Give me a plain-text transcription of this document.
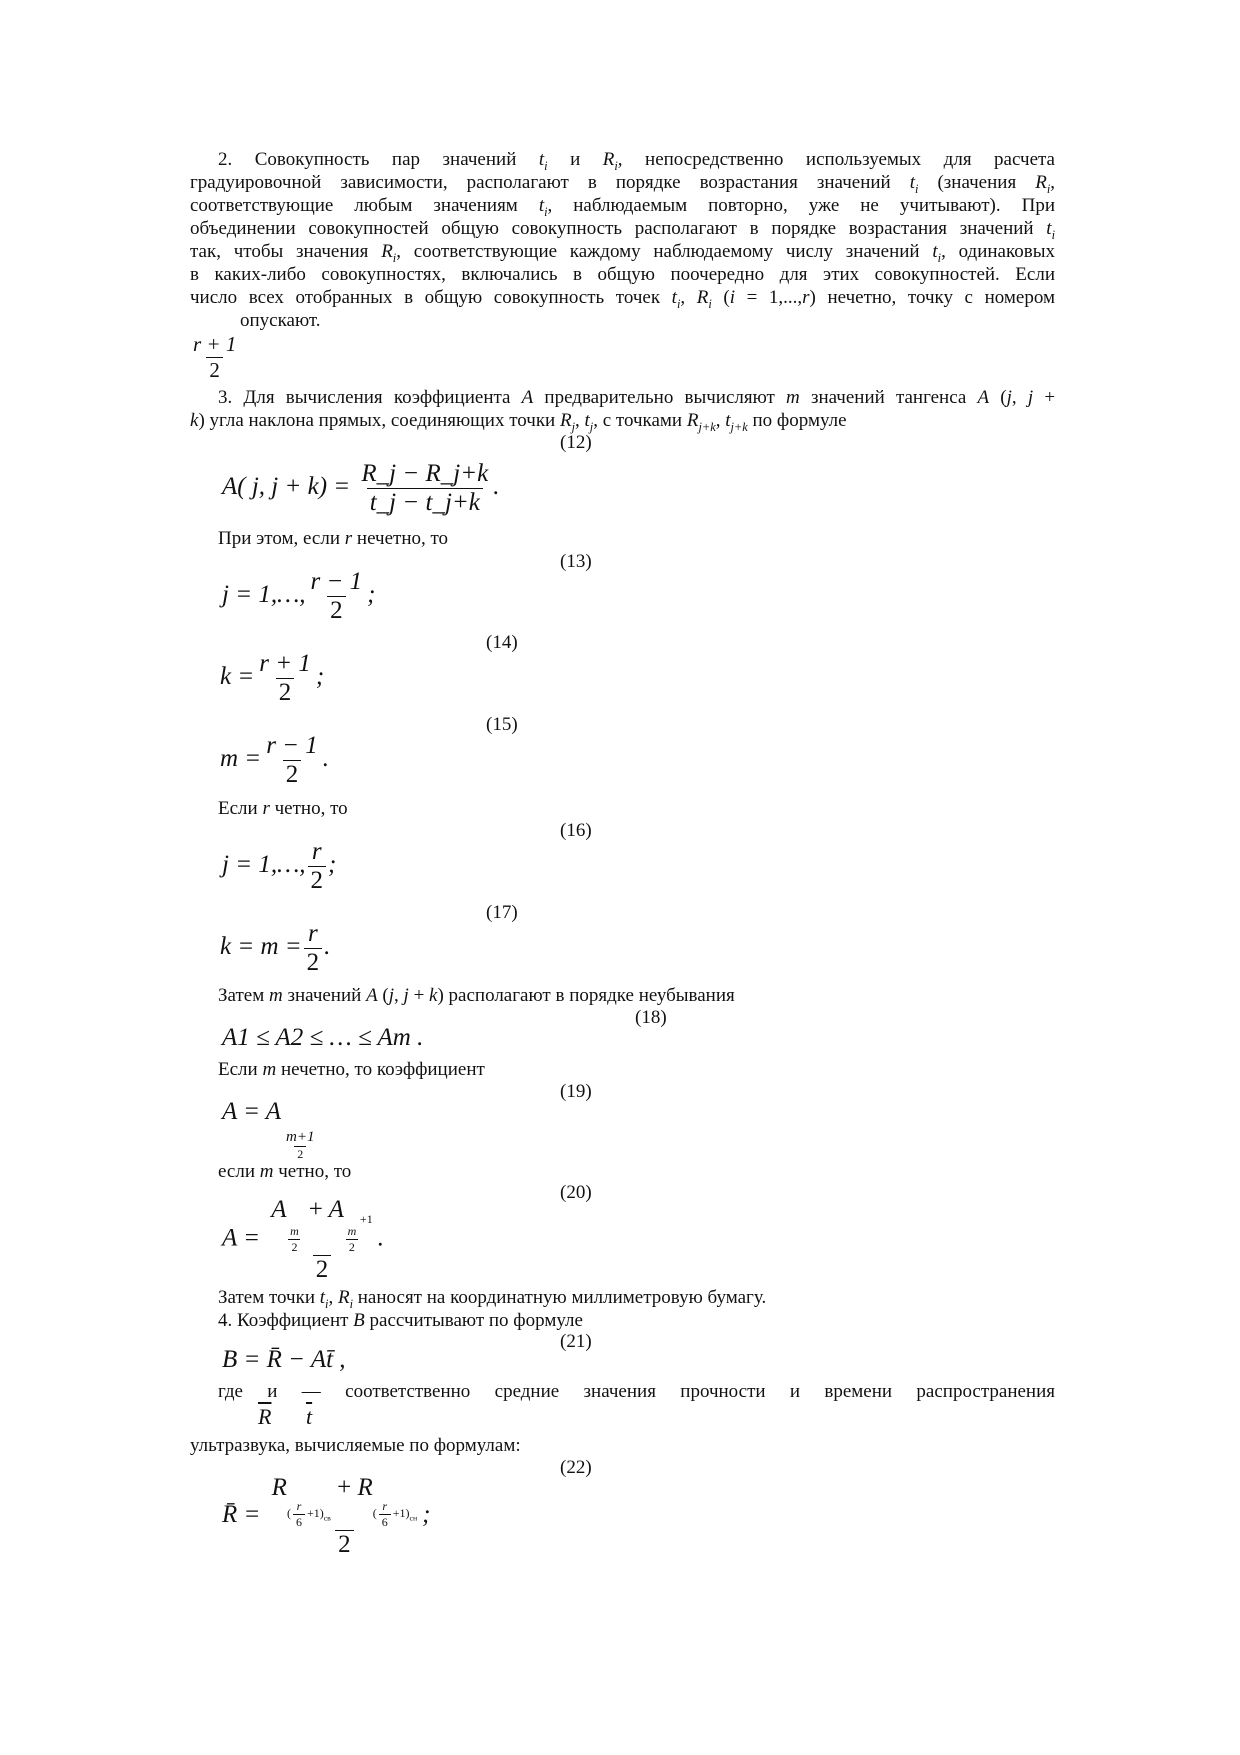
2. Совокупность пар значений $t_i$ и $R_i$, непосредственно используемых для расчета
градуировочной зависимости, располагают в порядке возрастания значений $t_i$ (значения $R_i$,
соответствующие любым значениям $t_i$, наблюдаемым повторно, уже не учитывают). При
объединении совокупностей общую совокупность располагают в порядке возрастания значений $t_i$
так, чтобы значения $R_i$, соответствующие каждому наблюдаемому числу значений $t_i$, одинаковых
в каких-либо совокупностях, включались в общую поочередно для этих совокупностей. Если
число всех отобранных в общую совокупность точек $t_i$, $R_i$ (i = 1,...,r) нечетно, точку с номером
опускают.
$\frac{r + 1}{2}$
3. Для вычисления коэффициента A предварительно вычисляют m значений тангенса A (j, j +
k) угла наклона прямых, соединяющих точки $R_j$, $t_j$, с точками $R_{j+k}$, $t_{j+k}$ по формуле
(12)
A( j, $j + k) = \frac{R\_j - R\_j+k}{t\_j - t\_j+k}$ .
При этом, если r нечетно, то
(13)
j = 1,…, $\frac{r - 1}{2}$ ;
(14)
$k = \frac{r + 1}{2}$ ;
(15)
$m = \frac{r - 1}{2}$ .
Если r четно, то
(16)
j = 1,…, $\frac{r}{2}$ ;
(17)
$k = m = \frac{r}{2}$ .
Затем m значений A (j, j + k) располагают в порядке неубывания
(18)
A1 ≤ A2 ≤ … ≤ Am .
Если m нечетно, то коэффициент
(19)
A = A
$\frac{m+1}{2}$
если m четно, то
(20)
A = Am
2
+ Am
2
$_{+1}$
2 .
Затем точки $t_i$, $R_i$ наносят на координатную миллиметровую бумагу.
4. Коэффициент B рассчитывают по формуле
(21)
B = R̄ − At̄ ,
где и — соответственно средние значения прочности и времени распространения
$\overline{R}$ $\overline{t}$
ультразвука, вычисляемые по формулам:
(22)
R̄ = $R_{(r 6 +1)_{св}} + R_{(r 6 +1)_{сн}}$
2 ;
